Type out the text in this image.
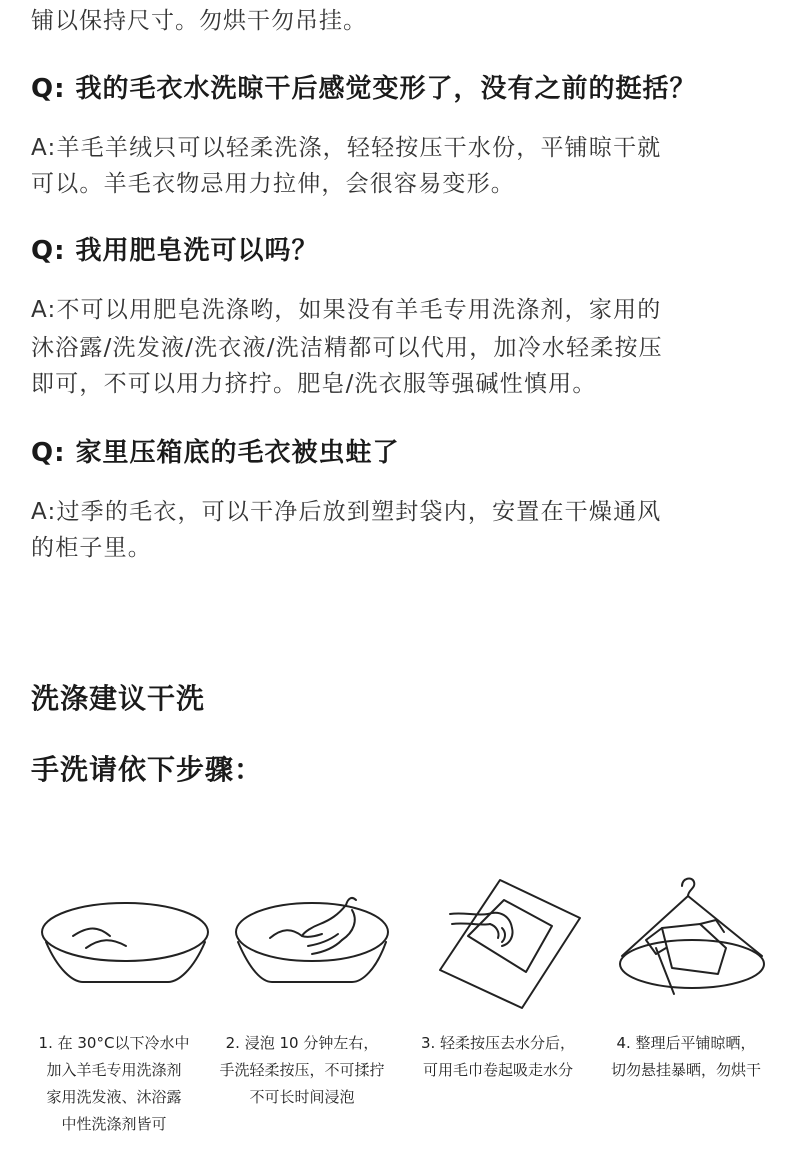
铺以保持尺寸。勿烘干勿吊挂。
Q: 我的毛衣水洗晾干后感觉变形了，没有之前的挺括？
A:羊毛羊绒只可以轻柔洗涤，轻轻按压干水份，平铺晾干就
可以。羊毛衣物忌用力拉伸，会很容易变形。
Q: 我用肥皂洗可以吗？
A:不可以用肥皂洗涤哟，如果没有羊毛专用洗涤剂，家用的
沐浴露/洗发液/洗衣液/洗洁精都可以代用，加冷水轻柔按压
即可，不可以用力挤拧。肥皂/洗衣服等强碱性慎用。
Q: 家里压箱底的毛衣被虫蛀了
A:过季的毛衣，可以干净后放到塑封袋内，安置在干燥通风
的柜子里。
洗涤建议干洗
手洗请依下步骤：
1. 在 30°C以下冷水中
加入羊毛专用洗涤剂
家用洗发液、沐浴露
中性洗涤剂皆可
2. 浸泡 10 分钟左右，
手洗轻柔按压，不可揉拧
不可长时间浸泡
3. 轻柔按压去水分后，
可用毛巾卷起吸走水分
4. 整理后平铺晾晒，
切勿悬挂暴晒，勿烘干
